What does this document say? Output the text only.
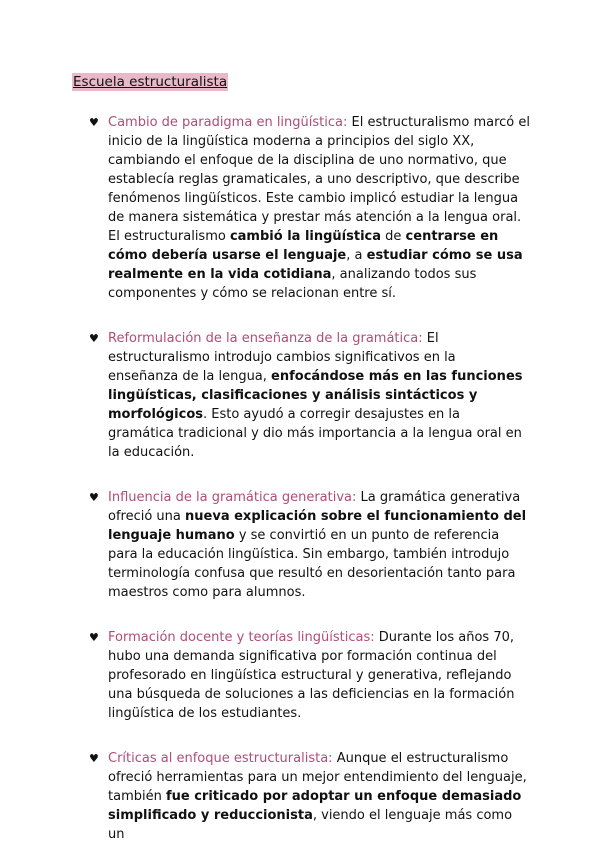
Escuela estructuralista
♥ Cambio de paradigma en lingüística: El estructuralismo marcó el inicio de la lingüística moderna a principios del siglo XX, cambiando el enfoque de la disciplina de uno normativo, que establecía reglas gramaticales, a uno descriptivo, que describe fenómenos lingüísticos. Este cambio implicó estudiar la lengua de manera sistemática y prestar más atención a la lengua oral.

El estructuralismo cambió la lingüística de centrarse en cómo debería usarse el lenguaje, a estudiar cómo se usa realmente en la vida cotidiana, analizando todos sus componentes y cómo se relacionan entre sí.

♥ Reformulación de la enseñanza de la gramática: El estructuralismo introdujo cambios significativos en la enseñanza de la lengua, enfocándose más en las funciones lingüísticas, clasificaciones y análisis sintácticos y morfológicos. Esto ayudó a corregir desajustes en la gramática tradicional y dio más importancia a la lengua oral en la educación.

♥ Influencia de la gramática generativa: La gramática generativa ofreció una nueva explicación sobre el funcionamiento del lenguaje humano y se convirtió en un punto de referencia para la educación lingüística. Sin embargo, también introdujo terminología confusa que resultó en desorientación tanto para maestros como para alumnos.

♥ Formación docente y teorías lingüísticas: Durante los años 70, hubo una demanda significativa por formación continua del profesorado en lingüística estructural y generativa, reflejando una búsqueda de soluciones a las deficiencias en la formación lingüística de los estudiantes.

♥ Críticas al enfoque estructuralista: Aunque el estructuralismo ofreció herramientas para un mejor entendimiento del lenguaje, también fue criticado por adoptar un enfoque demasiado simplificado y reduccionista, viendo el lenguaje más como un
